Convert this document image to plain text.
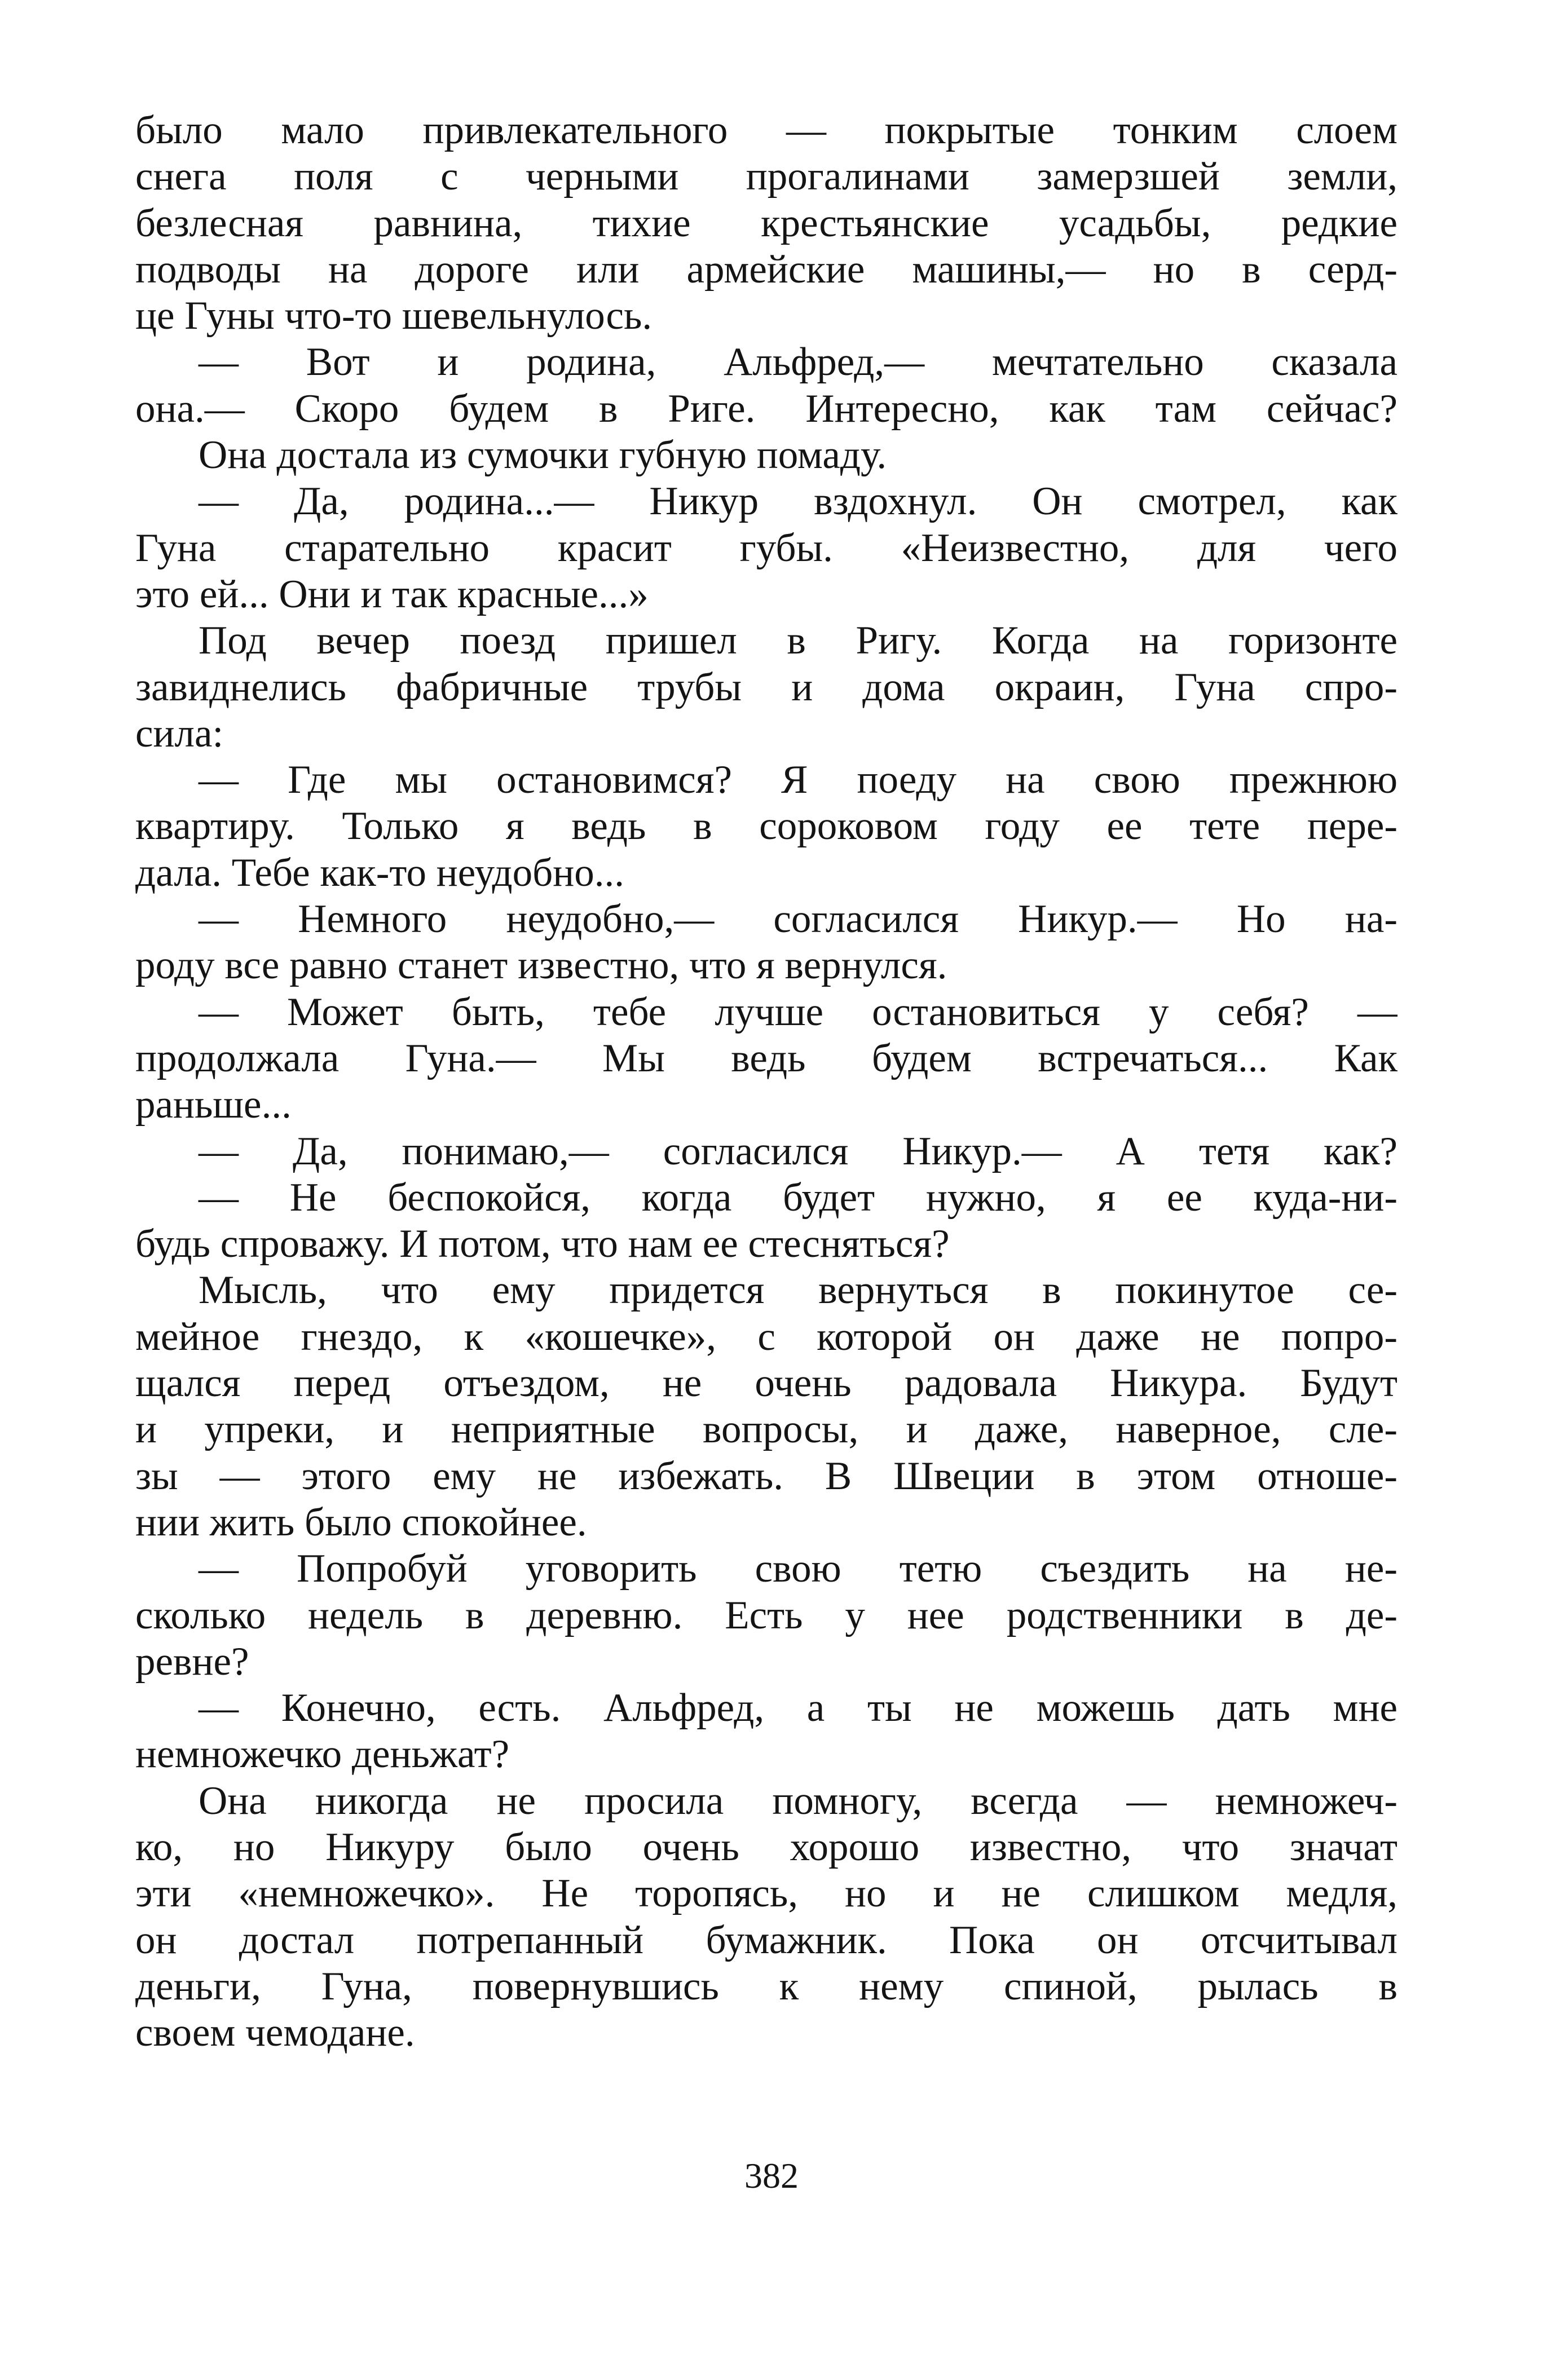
было мало привлекательного — покрытые тонким слоем
снега поля с черными прогалинами замерзшей земли,
безлесная равнина, тихие крестьянские усадьбы, редкие
подводы на дороге или армейские машины,— но в серд-
це Гуны что-то шевельнулось.
— Вот и родина, Альфред,— мечтательно сказала
она.— Скоро будем в Риге. Интересно, как там сейчас?
Она достала из сумочки губную помаду.
— Да, родина...— Никур вздохнул. Он смотрел, как
Гуна старательно красит губы. «Неизвестно, для чего
это ей... Они и так красные...»
Под вечер поезд пришел в Ригу. Когда на горизонте
завиднелись фабричные трубы и дома окраин, Гуна спро-
сила:
— Где мы остановимся? Я поеду на свою прежнюю
квартиру. Только я ведь в сороковом году ее тете пере-
дала. Тебе как-то неудобно...
— Немного неудобно,— согласился Никур.— Но на-
роду все равно станет известно, что я вернулся.
— Может быть, тебе лучше остановиться у себя? —
продолжала Гуна.— Мы ведь будем встречаться... Как
раньше...
— Да, понимаю,— согласился Никур.— А тетя как?
— Не беспокойся, когда будет нужно, я ее куда-ни-
будь спроважу. И потом, что нам ее стесняться?
Мысль, что ему придется вернуться в покинутое се-
мейное гнездо, к «кошечке», с которой он даже не попро-
щался перед отъездом, не очень радовала Никура. Будут
и упреки, и неприятные вопросы, и даже, наверное, сле-
зы — этого ему не избежать. В Швеции в этом отноше-
нии жить было спокойнее.
— Попробуй уговорить свою тетю съездить на не-
сколько недель в деревню. Есть у нее родственники в де-
ревне?
— Конечно, есть. Альфред, а ты не можешь дать мне
немножечко деньжат?
Она никогда не просила помногу, всегда — немножеч-
ко, но Никуру было очень хорошо известно, что значат
эти «немножечко». Не торопясь, но и не слишком медля,
он достал потрепанный бумажник. Пока он отсчитывал
деньги, Гуна, повернувшись к нему спиной, рылась в
своем чемодане.
382
